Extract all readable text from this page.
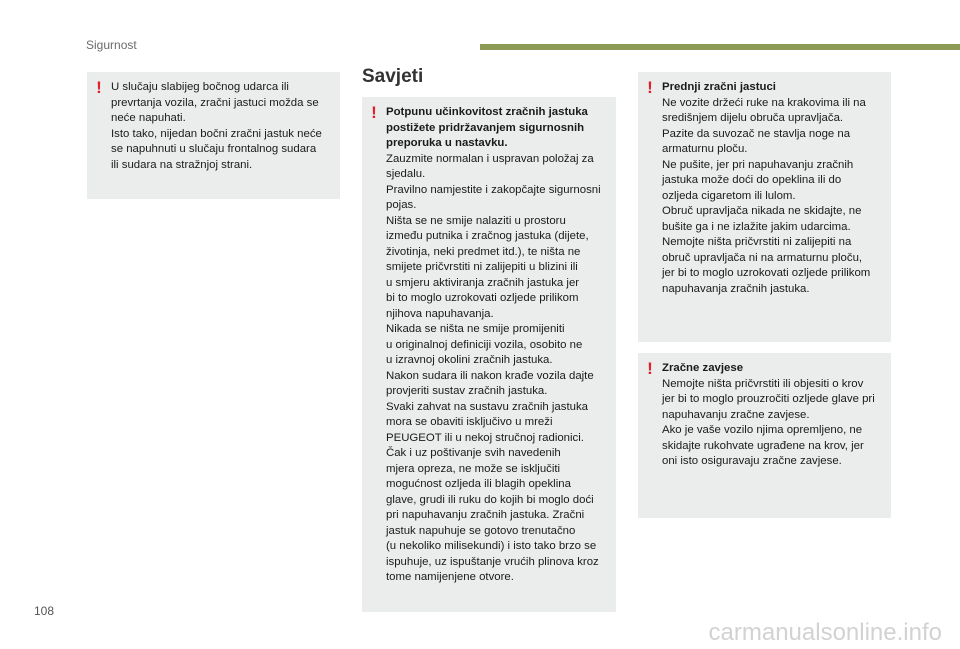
Sigurnost
! U slučaju slabijeg bočnog udarca ili

prevrtanja vozila, zračni jastuci možda se

neće napuhati.

Isto tako, nijedan bočni zračni jastuk neće

se napuhnuti u slučaju frontalnog sudara

ili sudara na stražnjoj strani.

Savjeti
! Potpunu učinkovitost zračnih jastuka

postižete pridržavanjem sigurnosnih

preporuka u nastavku.

Zauzmite normalan i uspravan položaj za

sjedalu.

Pravilno namjestite i zakopčajte sigurnosni

pojas.

Ništa se ne smije nalaziti u prostoru

između putnika i zračnog jastuka (dijete,

životinja, neki predmet itd.), te ništa ne

smijete pričvrstiti ni zalijepiti u blizini ili

u smjeru aktiviranja zračnih jastuka jer

bi to moglo uzrokovati ozljede prilikom

njihova napuhavanja.

Nikada se ništa ne smije promijeniti

u originalnoj definiciji vozila, osobito ne

u izravnoj okolini zračnih jastuka.

Nakon sudara ili nakon krađe vozila dajte

provjeriti sustav zračnih jastuka.

Svaki zahvat na sustavu zračnih jastuka

mora se obaviti isključivo u mreži

PEUGEOT ili u nekoj stručnoj radionici.

Čak i uz poštivanje svih navedenih

mjera opreza, ne može se isključiti

mogućnost ozljeda ili blagih opeklina

glave, grudi ili ruku do kojih bi moglo doći

pri napuhavanju zračnih jastuka. Zračni

jastuk napuhuje se gotovo trenutačno

(u nekoliko milisekundi) i isto tako brzo se

ispuhuje, uz ispuštanje vrućih plinova kroz

tome namijenjene otvore.

! Prednji zračni jastuci

Ne vozite držeći ruke na krakovima ili na

središnjem dijelu obruča upravljača.

Pazite da suvozač ne stavlja noge na

armaturnu ploču.

Ne pušite, jer pri napuhavanju zračnih

jastuka može doći do opeklina ili do

ozljeda cigaretom ili lulom.

Obruč upravljača nikada ne skidajte, ne

bušite ga i ne izlažite jakim udarcima.

Nemojte ništa pričvrstiti ni zalijepiti na

obruč upravljača ni na armaturnu ploču,

jer bi to moglo uzrokovati ozljede prilikom

napuhavanja zračnih jastuka.

! Zračne zavjese

Nemojte ništa pričvrstiti ili objesiti o krov

jer bi to moglo prouzročiti ozljede glave pri

napuhavanju zračne zavjese.

Ako je vaše vozilo njima opremljeno, ne

skidajte rukohvate ugrađene na krov, jer

oni isto osiguravaju zračne zavjese.

108
carmanualsonline.info
